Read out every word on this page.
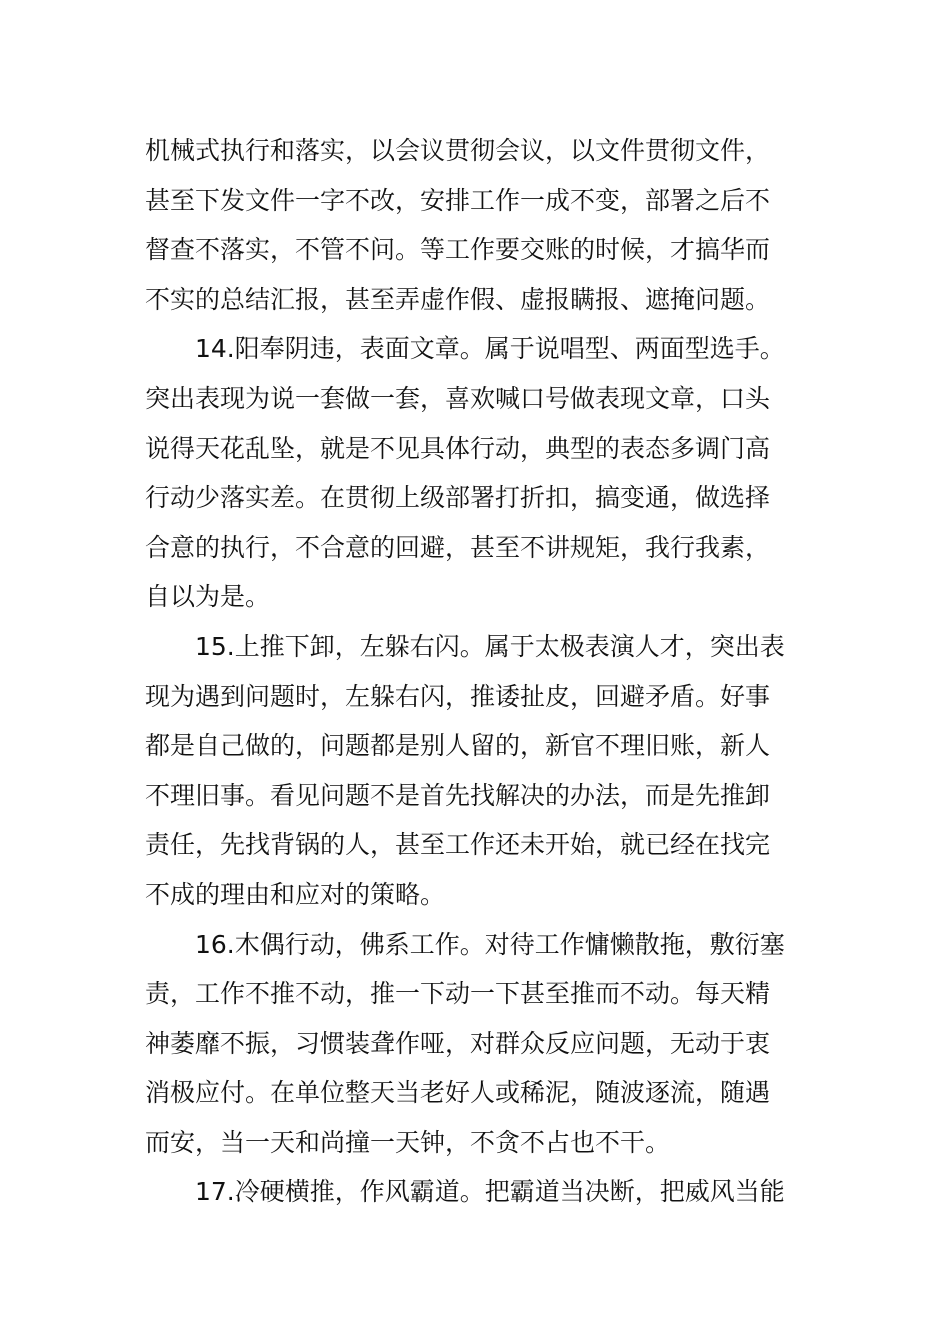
机械式执行和落实，以会议贯彻会议，以文件贯彻文件，
甚至下发文件一字不改，安排工作一成不变，部署之后不
督查不落实，不管不问。等工作要交账的时候，才搞华而
不实的总结汇报，甚至弄虚作假、虚报瞒报、遮掩问题。
14.阳奉阴违，表面文章。属于说唱型、两面型选手。
突出表现为说一套做一套，喜欢喊口号做表现文章，口头
说得天花乱坠，就是不见具体行动，典型的表态多调门高
行动少落实差。在贯彻上级部署打折扣，搞变通，做选择
合意的执行，不合意的回避，甚至不讲规矩，我行我素，
自以为是。
15.上推下卸，左躲右闪。属于太极表演人才，突出表
现为遇到问题时，左躲右闪，推诿扯皮，回避矛盾。好事
都是自己做的，问题都是别人留的，新官不理旧账，新人
不理旧事。看见问题不是首先找解决的办法，而是先推卸
责任，先找背锅的人，甚至工作还未开始，就已经在找完
不成的理由和应对的策略。
16.木偶行动，佛系工作。对待工作慵懒散拖，敷衍塞
责，工作不推不动，推一下动一下甚至推而不动。每天精
神萎靡不振，习惯装聋作哑，对群众反应问题，无动于衷
消极应付。在单位整天当老好人或稀泥，随波逐流，随遇
而安，当一天和尚撞一天钟，不贪不占也不干。
17.冷硬横推，作风霸道。把霸道当决断，把威风当能
